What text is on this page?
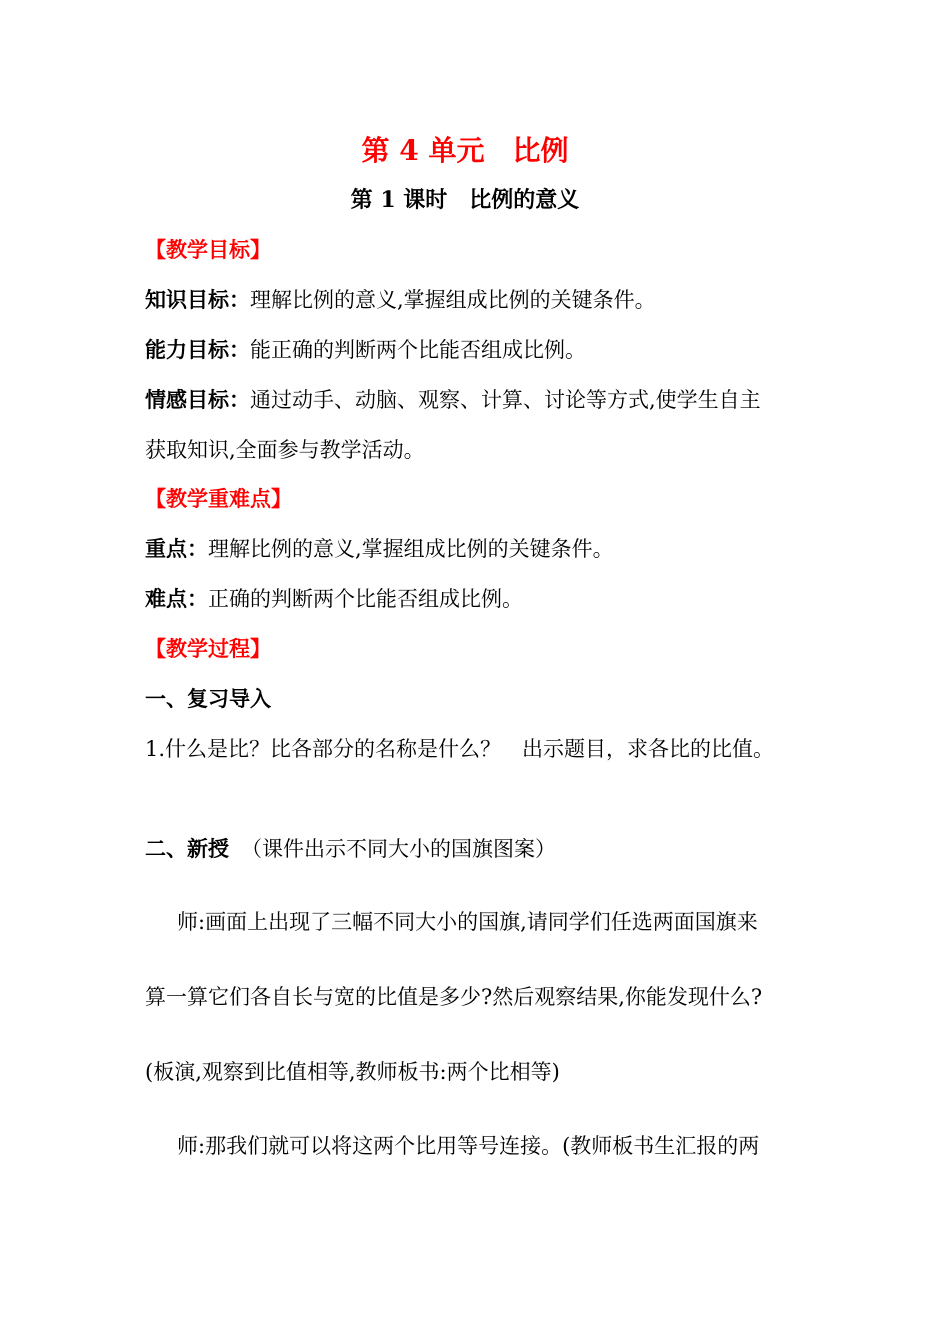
第 4 单元　比例
第 1 课时　比例的意义
【教学目标】
知识目标：理解比例的意义,掌握组成比例的关键条件。
能力目标：能正确的判断两个比能否组成比例。
情感目标：通过动手、动脑、观察、计算、讨论等方式,使学生自主
获取知识,全面参与教学活动。
【教学重难点】
重点：理解比例的意义,掌握组成比例的关键条件。
难点：正确的判断两个比能否组成比例。
【教学过程】
一、复习导入
1.什么是比？比各部分的名称是什么？　出示题目，求各比的比值。
二、新授 （课件出示不同大小的国旗图案）
师:画面上出现了三幅不同大小的国旗,请同学们任选两面国旗来
算一算它们各自长与宽的比值是多少?然后观察结果,你能发现什么?
(板演,观察到比值相等,教师板书:两个比相等)
师:那我们就可以将这两个比用等号连接。(教师板书生汇报的两
